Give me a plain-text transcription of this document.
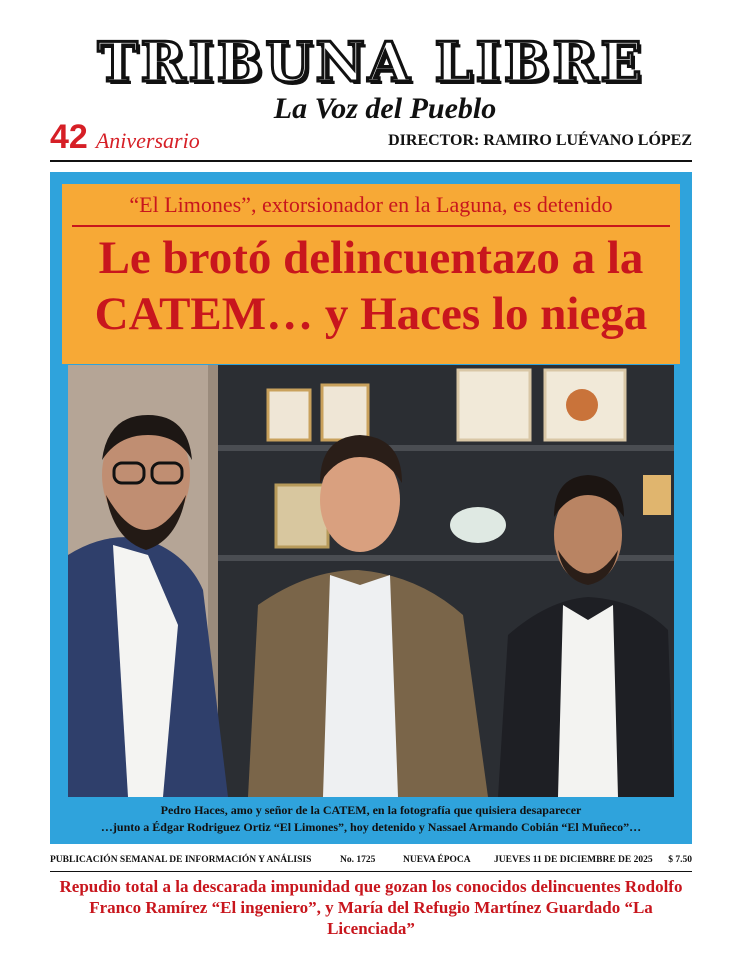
TRIBUNA LIBRE
La Voz del Pueblo
42 Aniversario	DIRECTOR: RAMIRO LUÉVANO LÓPEZ
“El Limones”, extorsionador en la Laguna, es detenido
Le brotó delincuentazo a la
CATEM… y Haces lo niega
Pedro Haces, amo y señor de la CATEM, en la fotografía que quisiera desaparecer
…junto a Édgar Rodriguez Ortiz “El Limones”, hoy detenido y Nassael Armando Cobián “El Muñeco”…
PUBLICACIÓN SEMANAL DE INFORMACIÓN Y ANÁLISIS	No. 1725	NUEVA ÉPOCA JUEVES 11 DE DICIEMBRE DE 2025 $ 7.50
Repudio total a la descarada impunidad que gozan los conocidos delincuentes Rodolfo
Franco Ramírez “El ingeniero”, y María del Refugio Martínez Guardado “La Licenciada”
